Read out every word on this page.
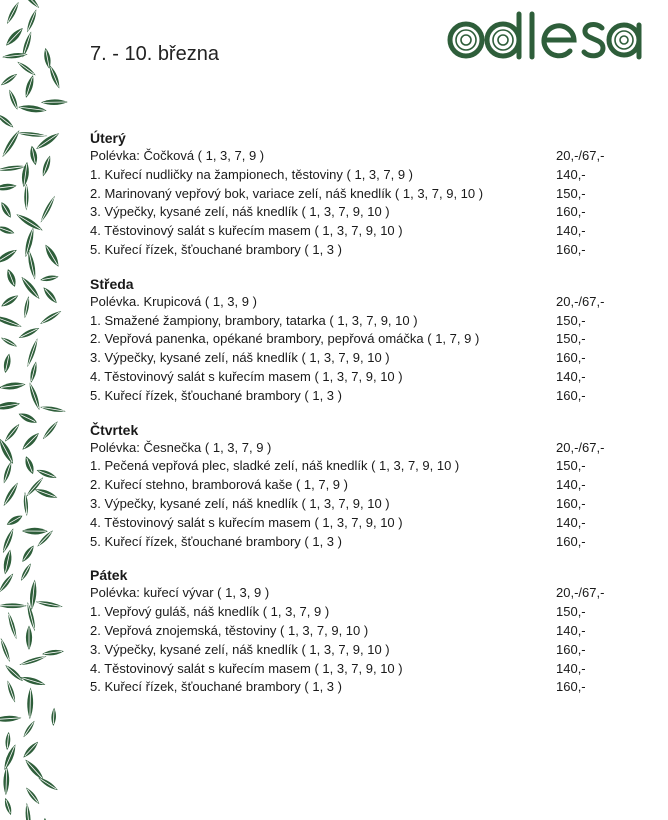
7. - 10. března
Úterý
Polévka: Čočková ( 1, 3, 7, 9 )	20,-/67,-
1. Kuřecí nudličky na žampionech, těstoviny ( 1, 3, 7, 9 )	140,-
2. Marinovaný vepřový bok, variace zelí, náš knedlík ( 1, 3, 7, 9, 10 )	150,-
3. Výpečky, kysané zelí, náš knedlík ( 1, 3, 7, 9, 10 )	160,-
4. Těstovinový salát s kuřecím masem ( 1, 3, 7, 9, 10 )	140,-
5. Kuřecí řízek, šťouchané brambory ( 1, 3 )	160,-
Středa
Polévka. Krupicová ( 1, 3, 9 )	20,-/67,-
1. Smažené žampiony, brambory, tatarka ( 1, 3, 7, 9, 10 )	150,-
2. Vepřová panenka, opékané brambory, pepřová omáčka ( 1, 7, 9 )	150,-
3. Výpečky, kysané zelí, náš knedlík ( 1, 3, 7, 9, 10 )	160,-
4. Těstovinový salát s kuřecím masem ( 1, 3, 7, 9, 10 )	140,-
5. Kuřecí řízek, šťouchané brambory ( 1, 3 )	160,-
Čtvrtek
Polévka: Česnečka ( 1, 3, 7, 9 )	20,-/67,-
1. Pečená vepřová plec, sladké zelí, náš knedlík ( 1, 3, 7, 9, 10 )	150,-
2. Kuřecí stehno, bramborová kaše ( 1, 7, 9 )	140,-
3. Výpečky, kysané zelí, náš knedlík ( 1, 3, 7, 9, 10 )	160,-
4. Těstovinový salát s kuřecím masem ( 1, 3, 7, 9, 10 )	140,-
5. Kuřecí řízek, šťouchané brambory ( 1, 3 )	160,-
Pátek
Polévka: kuřecí vývar ( 1, 3, 9 )	20,-/67,-
1. Vepřový guláš, náš knedlík ( 1, 3, 7, 9 )	150,-
2. Vepřová znojemská, těstoviny ( 1, 3, 7, 9, 10 )	140,-
3. Výpečky, kysané zelí, náš knedlík ( 1, 3, 7, 9, 10 )	160,-
4. Těstovinový salát s kuřecím masem ( 1, 3, 7, 9, 10 )	140,-
5. Kuřecí řízek, šťouchané brambory ( 1, 3 )	160,-
